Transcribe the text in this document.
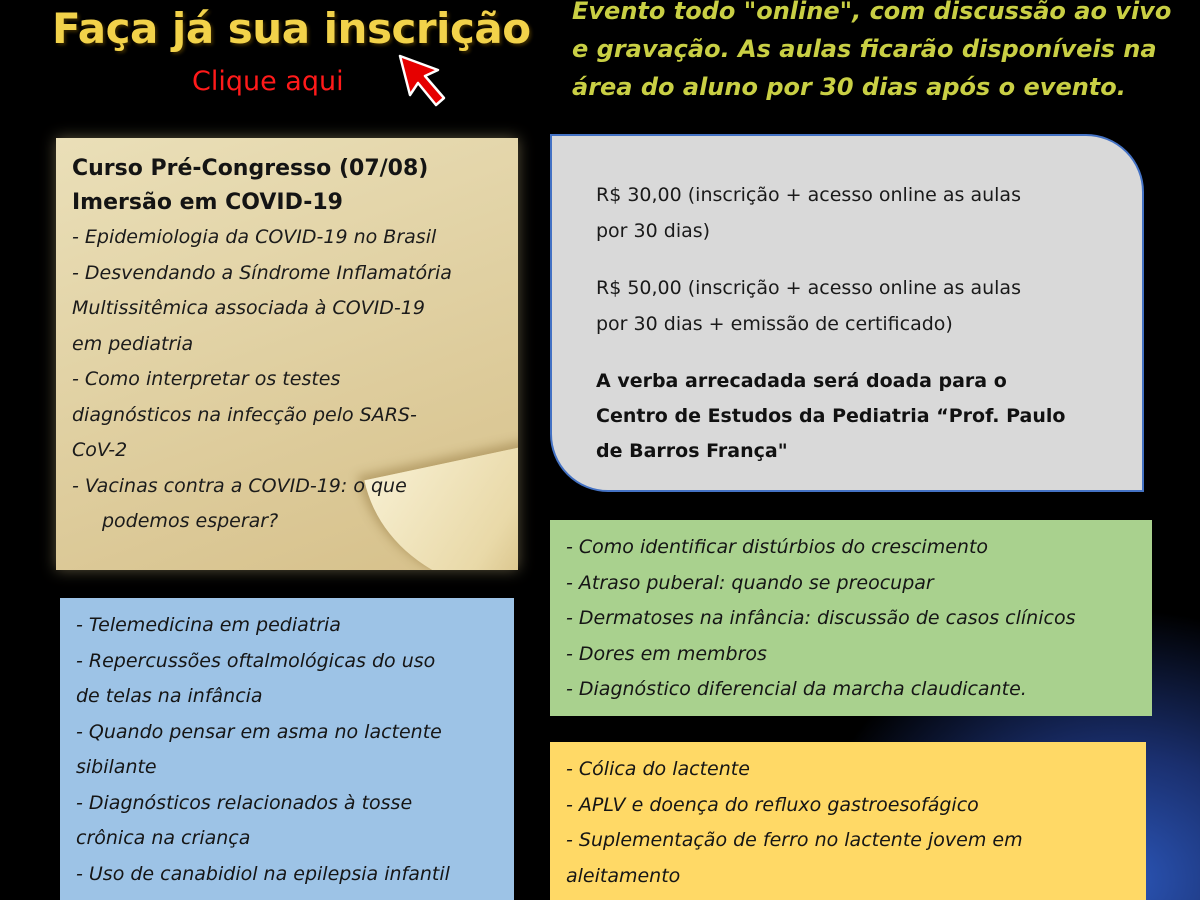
Faça já sua inscrição
Clique aqui
Evento todo "online", com discussão ao vivo
e gravação. As aulas ficarão disponíveis na
área do aluno por 30 dias após o evento.
Curso Pré-Congresso (07/08)
Imersão em COVID-19
- Epidemiologia da COVID-19 no Brasil
- Desvendando a Síndrome Inflamatória
Multissitêmica associada à COVID-19
em pediatria
- Como interpretar os testes
diagnósticos na infecção pelo SARS-
CoV-2
- Vacinas contra a COVID-19: o que
podemos esperar?
R$ 30,00 (inscrição + acesso online as aulas
por 30 dias)
R$ 50,00 (inscrição + acesso online as aulas
por 30 dias + emissão de certificado)
A verba arrecadada será doada para o
Centro de Estudos da Pediatria “Prof. Paulo
de Barros França"
- Como identificar distúrbios do crescimento
- Atraso puberal: quando se preocupar
- Dermatoses na infância: discussão de casos clínicos
- Dores em membros
- Diagnóstico diferencial da marcha claudicante.
- Telemedicina em pediatria
- Repercussões oftalmológicas do uso
de telas na infância
- Quando pensar em asma no lactente
sibilante
- Diagnósticos relacionados à tosse
crônica na criança
- Uso de canabidiol na epilepsia infantil
- Cólica do lactente
- APLV e doença do refluxo gastroesofágico
- Suplementação de ferro no lactente jovem em
aleitamento
